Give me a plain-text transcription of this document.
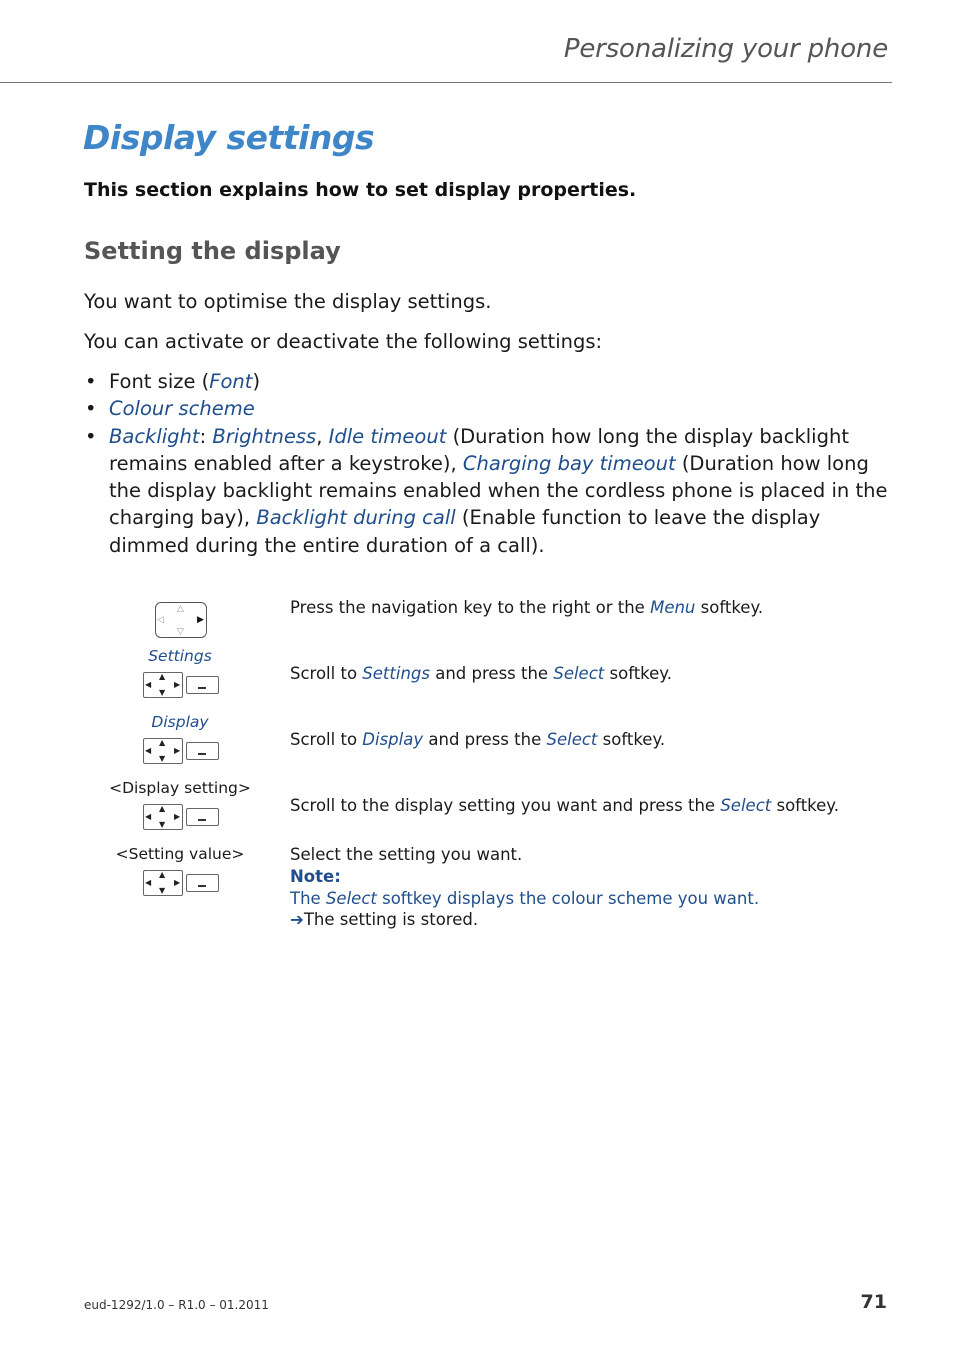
Personalizing your phone
Display settings
This section explains how to set display properties.
Setting the display
You want to optimise the display settings.
You can activate or deactivate the following settings:
• Font size (Font)
• Colour scheme
• Backlight: Brightness, Idle timeout (Duration how long the display backlight remains enabled after a keystroke), Charging bay timeout (Duration how long the display backlight remains enabled when the cordless phone is placed in the charging bay), Backlight during call (Enable function to leave the display dimmed during the entire duration of a call).
△
▽
◁	▶
Press the navigation key to the right or the Menu softkey.
Settings
▲
▼
◀	▶
Scroll to Settings and press the Select softkey.
Display
▲
▼
◀	▶
Scroll to Display and press the Select softkey.
<Display setting>
▲
▼
◀	▶
Scroll to the display setting you want and press the Select softkey.
<Setting value>
▲
▼
◀	▶
Select the setting you want.
Note:
The Select softkey displays the colour scheme you want.
➔The setting is stored.
eud-1292/1.0 – R1.0 – 01.2011	71
